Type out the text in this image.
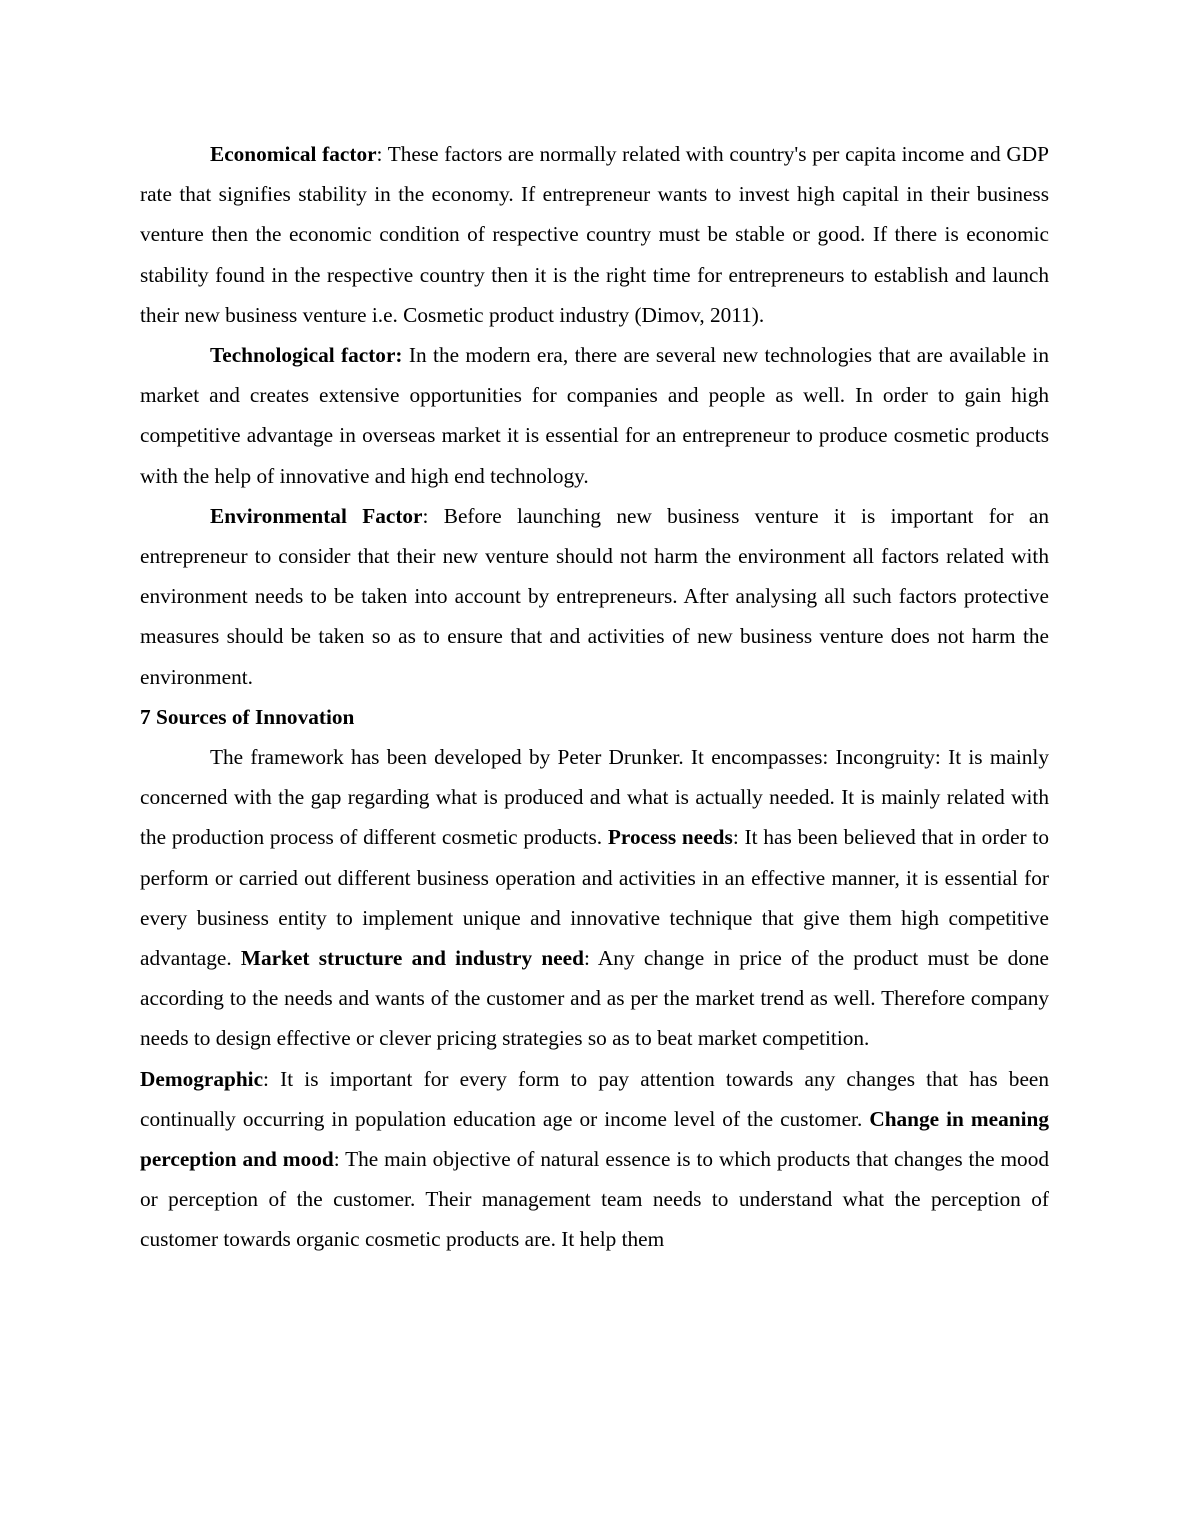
Economical factor: These factors are normally related with country's per capita income and GDP rate that signifies stability in the economy. If entrepreneur wants to invest high capital in their business venture then the economic condition of respective country must be stable or good. If there is economic stability found in the respective country then it is the right time for entrepreneurs to establish and launch their new business venture i.e. Cosmetic product industry (Dimov, 2011).

Technological factor: In the modern era, there are several new technologies that are available in market and creates extensive opportunities for companies and people as well. In order to gain high competitive advantage in overseas market it is essential for an entrepreneur to produce cosmetic products with the help of innovative and high end technology.

Environmental Factor: Before launching new business venture it is important for an entrepreneur to consider that their new venture should not harm the environment all factors related with environment needs to be taken into account by entrepreneurs. After analysing all such factors protective measures should be taken so as to ensure that and activities of new business venture does not harm the environment.

7 Sources of Innovation

The framework has been developed by Peter Drunker. It encompasses: Incongruity: It is mainly concerned with the gap regarding what is produced and what is actually needed. It is mainly related with the production process of different cosmetic products. Process needs: It has been believed that in order to perform or carried out different business operation and activities in an effective manner, it is essential for every business entity to implement unique and innovative technique that give them high competitive advantage. Market structure and industry need: Any change in price of the product must be done according to the needs and wants of the customer and as per the market trend as well. Therefore company needs to design effective or clever pricing strategies so as to beat market competition.

Demographic: It is important for every form to pay attention towards any changes that has been continually occurring in population education age or income level of the customer. Change in meaning perception and mood: The main objective of natural essence is to which products that changes the mood or perception of the customer. Their management team needs to understand what the perception of customer towards organic cosmetic products are. It help them
